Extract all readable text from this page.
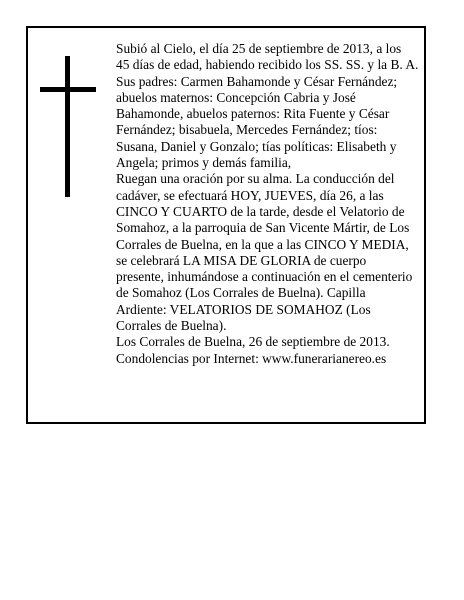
Subió al Cielo, el día 25 de septiembre de 2013, a los
45 días de edad, habiendo recibido los SS. SS. y la B. A.
Sus padres: Carmen Bahamonde y César Fernández;
abuelos maternos: Concepción Cabria y José
Bahamonde, abuelos paternos: Rita Fuente y César
Fernández; bisabuela, Mercedes Fernández; tíos:
Susana, Daniel y Gonzalo; tías políticas: Elisabeth y
Angela; primos y demás familia,
Ruegan una oración por su alma. La conducción del
cadáver, se efectuará HOY, JUEVES, día 26, a las
CINCO Y CUARTO de la tarde, desde el Velatorio de
Somahoz, a la parroquia de San Vicente Mártir, de Los
Corrales de Buelna, en la que a las CINCO Y MEDIA,
se celebrará LA MISA DE GLORIA de cuerpo
presente, inhumándose a continuación en el cementerio
de Somahoz (Los Corrales de Buelna). Capilla
Ardiente: VELATORIOS DE SOMAHOZ (Los
Corrales de Buelna).
Los Corrales de Buelna, 26 de septiembre de 2013.
Condolencias por Internet: www.funerarianereo.es
